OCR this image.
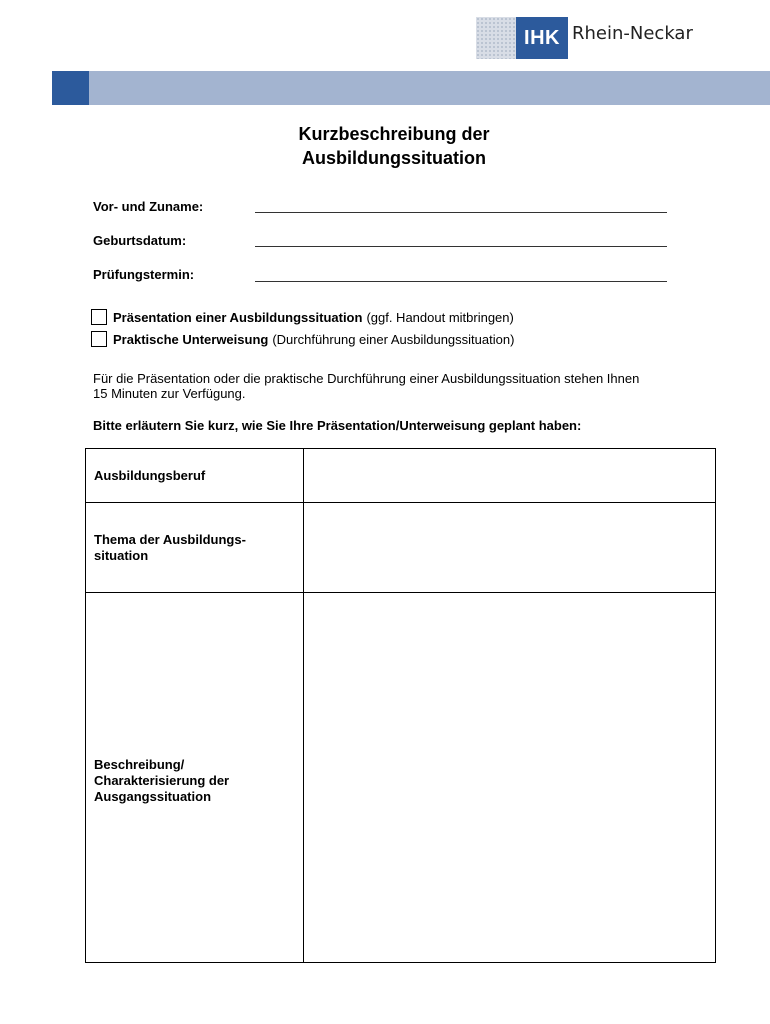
IHK Rhein-Neckar
Kurzbeschreibung der
Ausbildungssituation
Vor- und Zuname:
Geburtsdatum:
Prüfungstermin:
Präsentation einer Ausbildungssituation (ggf. Handout mitbringen)
Praktische Unterweisung (Durchführung einer Ausbildungssituation)
Für die Präsentation oder die praktische Durchführung einer Ausbildungssituation stehen Ihnen
15 Minuten zur Verfügung.
Bitte erläutern Sie kurz, wie Sie Ihre Präsentation/Unterweisung geplant haben:
Ausbildungsberuf
Thema der Ausbildungs-
situation
Beschreibung/
Charakterisierung der
Ausgangssituation
